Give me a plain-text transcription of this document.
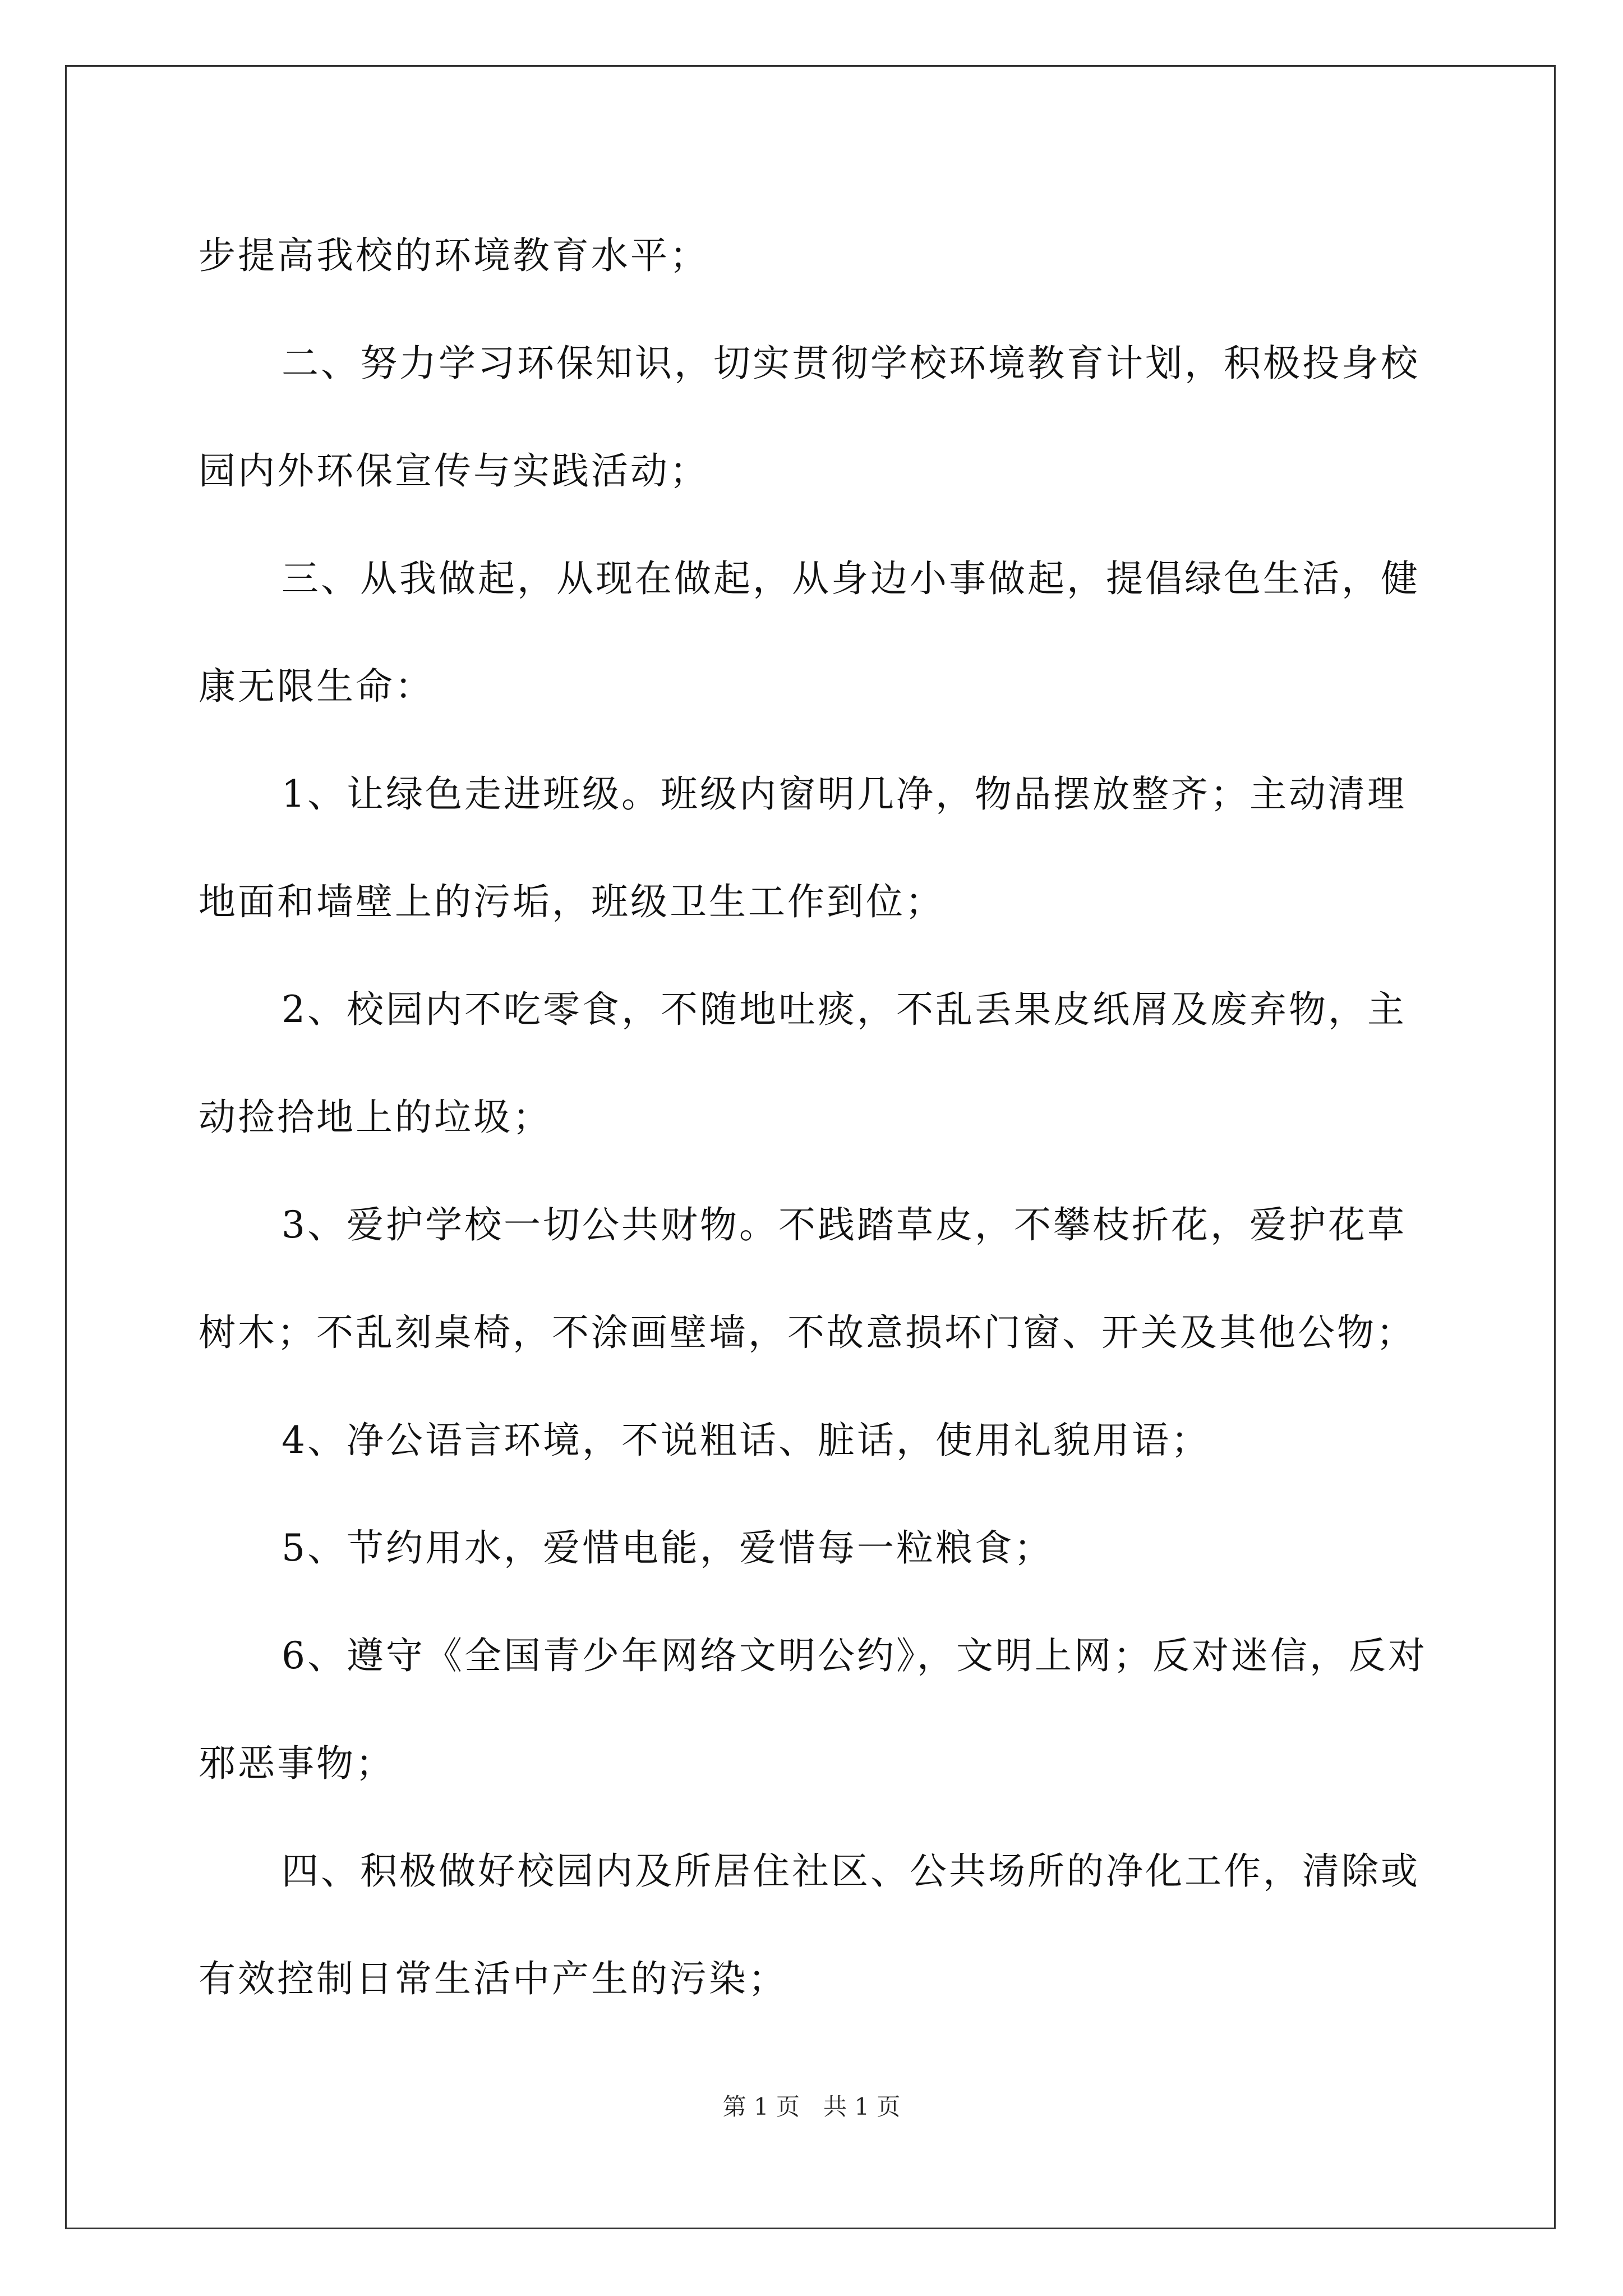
步提高我校的环境教育水平；

二、努力学习环保知识，切实贯彻学校环境教育计划，积极投身校园内外环保宣传与实践活动；

三、从我做起，从现在做起，从身边小事做起，提倡绿色生活，健康无限生命：

1、让绿色走进班级。班级内窗明几净，物品摆放整齐；主动清理地面和墙壁上的污垢，班级卫生工作到位；

2、校园内不吃零食，不随地吐痰，不乱丢果皮纸屑及废弃物，主动捡拾地上的垃圾；

3、爱护学校一切公共财物。不践踏草皮，不攀枝折花，爱护花草树木；不乱刻桌椅，不涂画壁墙，不故意损坏门窗、开关及其他公物；

4、净公语言环境，不说粗话、脏话，使用礼貌用语；

5、节约用水，爱惜电能，爱惜每一粒粮食；

6、遵守《全国青少年网络文明公约》，文明上网；反对迷信，反对邪恶事物；

四、积极做好校园内及所居住社区、公共场所的净化工作，清除或有效控制日常生活中产生的污染；

第 1 页　共 1 页
